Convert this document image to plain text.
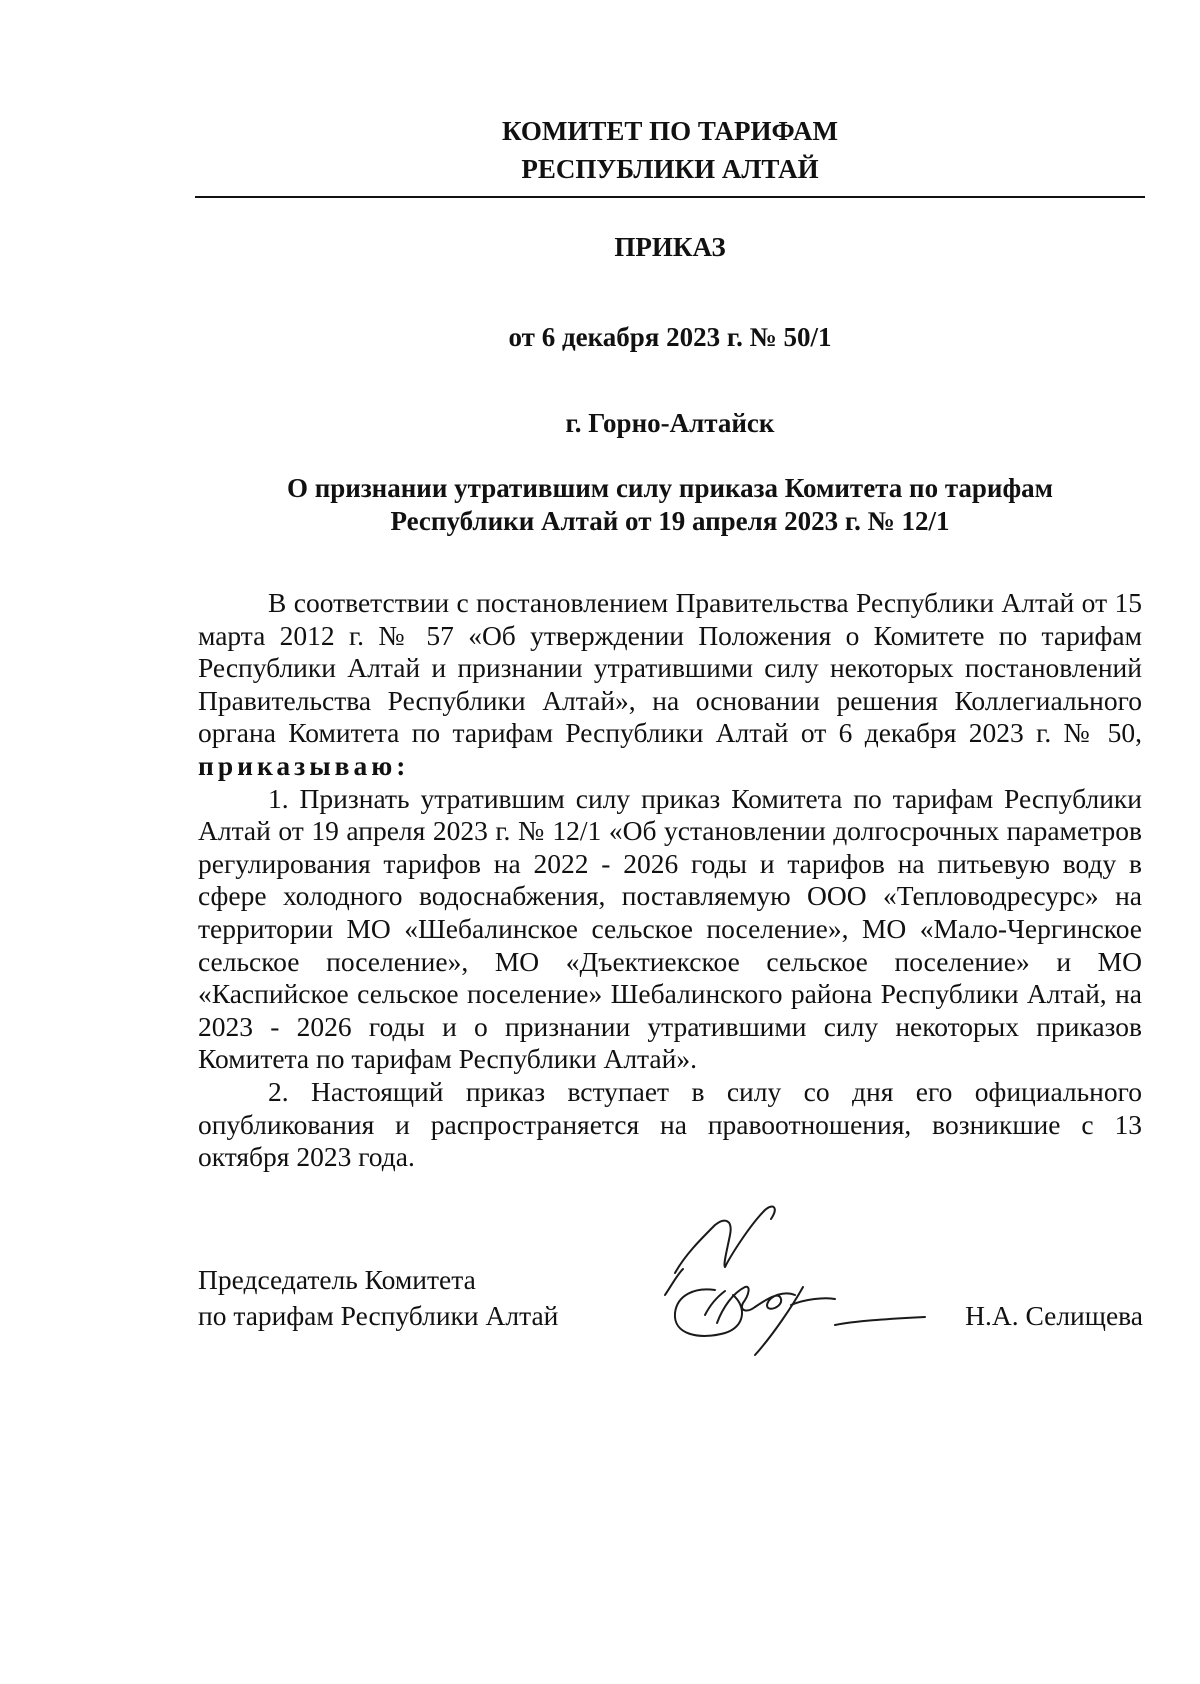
КОМИТЕТ ПО ТАРИФАМ
РЕСПУБЛИКИ АЛТАЙ
ПРИКАЗ
от 6 декабря 2023 г. № 50/1
г. Горно-Алтайск
О признании утратившим силу приказа Комитета по тарифам
Республики Алтай от 19 апреля 2023 г. № 12/1

В соответствии с постановлением Правительства Республики Алтай от 15 марта 2012 г. № 57 «Об утверждении Положения о Комитете по тарифам Республики Алтай и признании утратившими силу некоторых постановлений Правительства Республики Алтай», на основании решения Коллегиального органа Комитета по тарифам Республики Алтай от 6 декабря 2023 г. № 50, приказываю:

1. Признать утратившим силу приказ Комитета по тарифам Республики Алтай от 19 апреля 2023 г. № 12/1 «Об установлении долгосрочных параметров регулирования тарифов на 2022 - 2026 годы и тарифов на питьевую воду в сфере холодного водоснабжения, поставляемую ООО «Тепловодресурс» на территории МО «Шебалинское сельское поселение», МО «Мало-Чергинское сельское поселение», МО «Дъектиекское сельское поселение» и МО «Каспийское сельское поселение» Шебалинского района Республики Алтай, на 2023 - 2026 годы и о признании утратившими силу некоторых приказов Комитета по тарифам Республики Алтай».

2. Настоящий приказ вступает в силу со дня его официального опубликования и распространяется на правоотношения, возникшие с 13 октября 2023 года.

Председатель Комитета
по тарифам Республики Алтай	Н.А. Селищева
